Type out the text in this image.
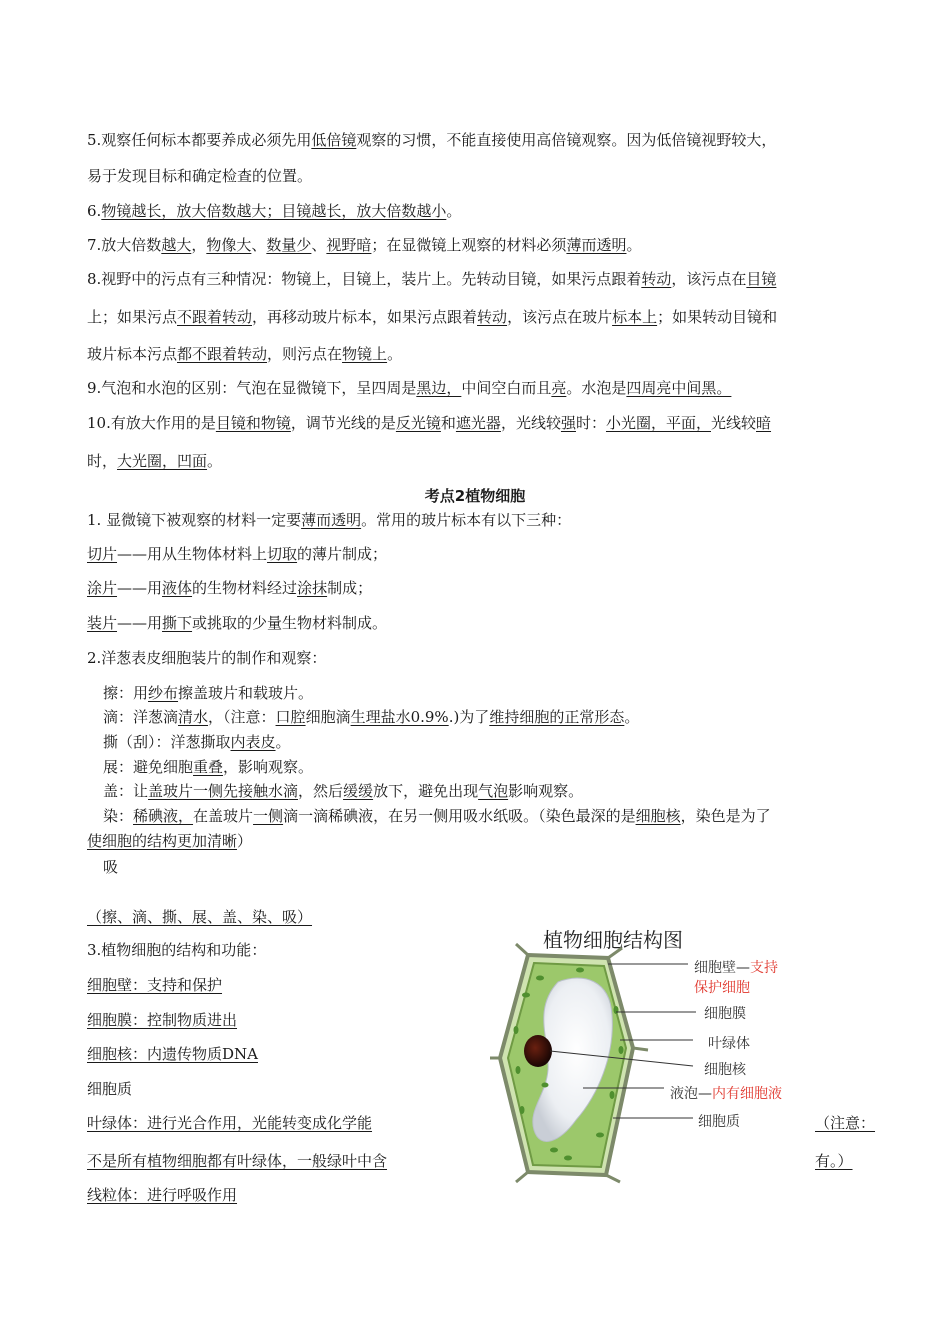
5.观察任何标本都要养成必须先用低倍镜观察的习惯，不能直接使用高倍镜观察。因为低倍镜视野较大，
易于发现目标和确定检查的位置。
6.物镜越长，放大倍数越大；目镜越长，放大倍数越小。
7.放大倍数越大，物像大、数量少、视野暗；在显微镜上观察的材料必须薄而透明。
8.视野中的污点有三种情况：物镜上，目镜上，装片上。先转动目镜，如果污点跟着转动，该污点在目镜
上；如果污点不跟着转动，再移动玻片标本，如果污点跟着转动，该污点在玻片标本上；如果转动目镜和
玻片标本污点都不跟着转动，则污点在物镜上。
9.气泡和水泡的区别：气泡在显微镜下，呈四周是黑边，中间空白而且亮。水泡是四周亮中间黑。
10.有放大作用的是目镜和物镜，调节光线的是反光镜和遮光器，光线较强时：小光圈，平面，光线较暗
时，大光圈，凹面。
考点2植物细胞
1. 显微镜下被观察的材料一定要薄而透明。常用的玻片标本有以下三种：
切片——用从生物体材料上切取的薄片制成；
涂片——用液体的生物材料经过涂抹制成；
装片——用撕下或挑取的少量生物材料制成。
2.洋葱表皮细胞装片的制作和观察：
擦：用纱布擦盖玻片和载玻片。
滴：洋葱滴清水，（注意：口腔细胞滴生理盐水0.9%.)为了维持细胞的正常形态。
撕（刮）：洋葱撕取内表皮。
展：避免细胞重叠，影响观察。
盖：让盖玻片一侧先接触水滴，然后缓缓放下，避免出现气泡影响观察。
染：稀碘液，在盖玻片一侧滴一滴稀碘液，在另一侧用吸水纸吸。（染色最深的是细胞核，染色是为了
使细胞的结构更加清晰）
吸
（擦、滴、撕、展、盖、染、吸）
3.植物细胞的结构和功能：
细胞壁：支持和保护
细胞膜：控制物质进出
细胞核：内遗传物质DNA
细胞质
叶绿体：进行光合作用，光能转变成化学能	（注意：
不是所有植物细胞都有叶绿体，一般绿叶中含	有。）
线粒体：进行呼吸作用
植物细胞结构图
细胞壁—支持
保护细胞
细胞膜
叶绿体
细胞核
液泡—内有细胞液
细胞质
